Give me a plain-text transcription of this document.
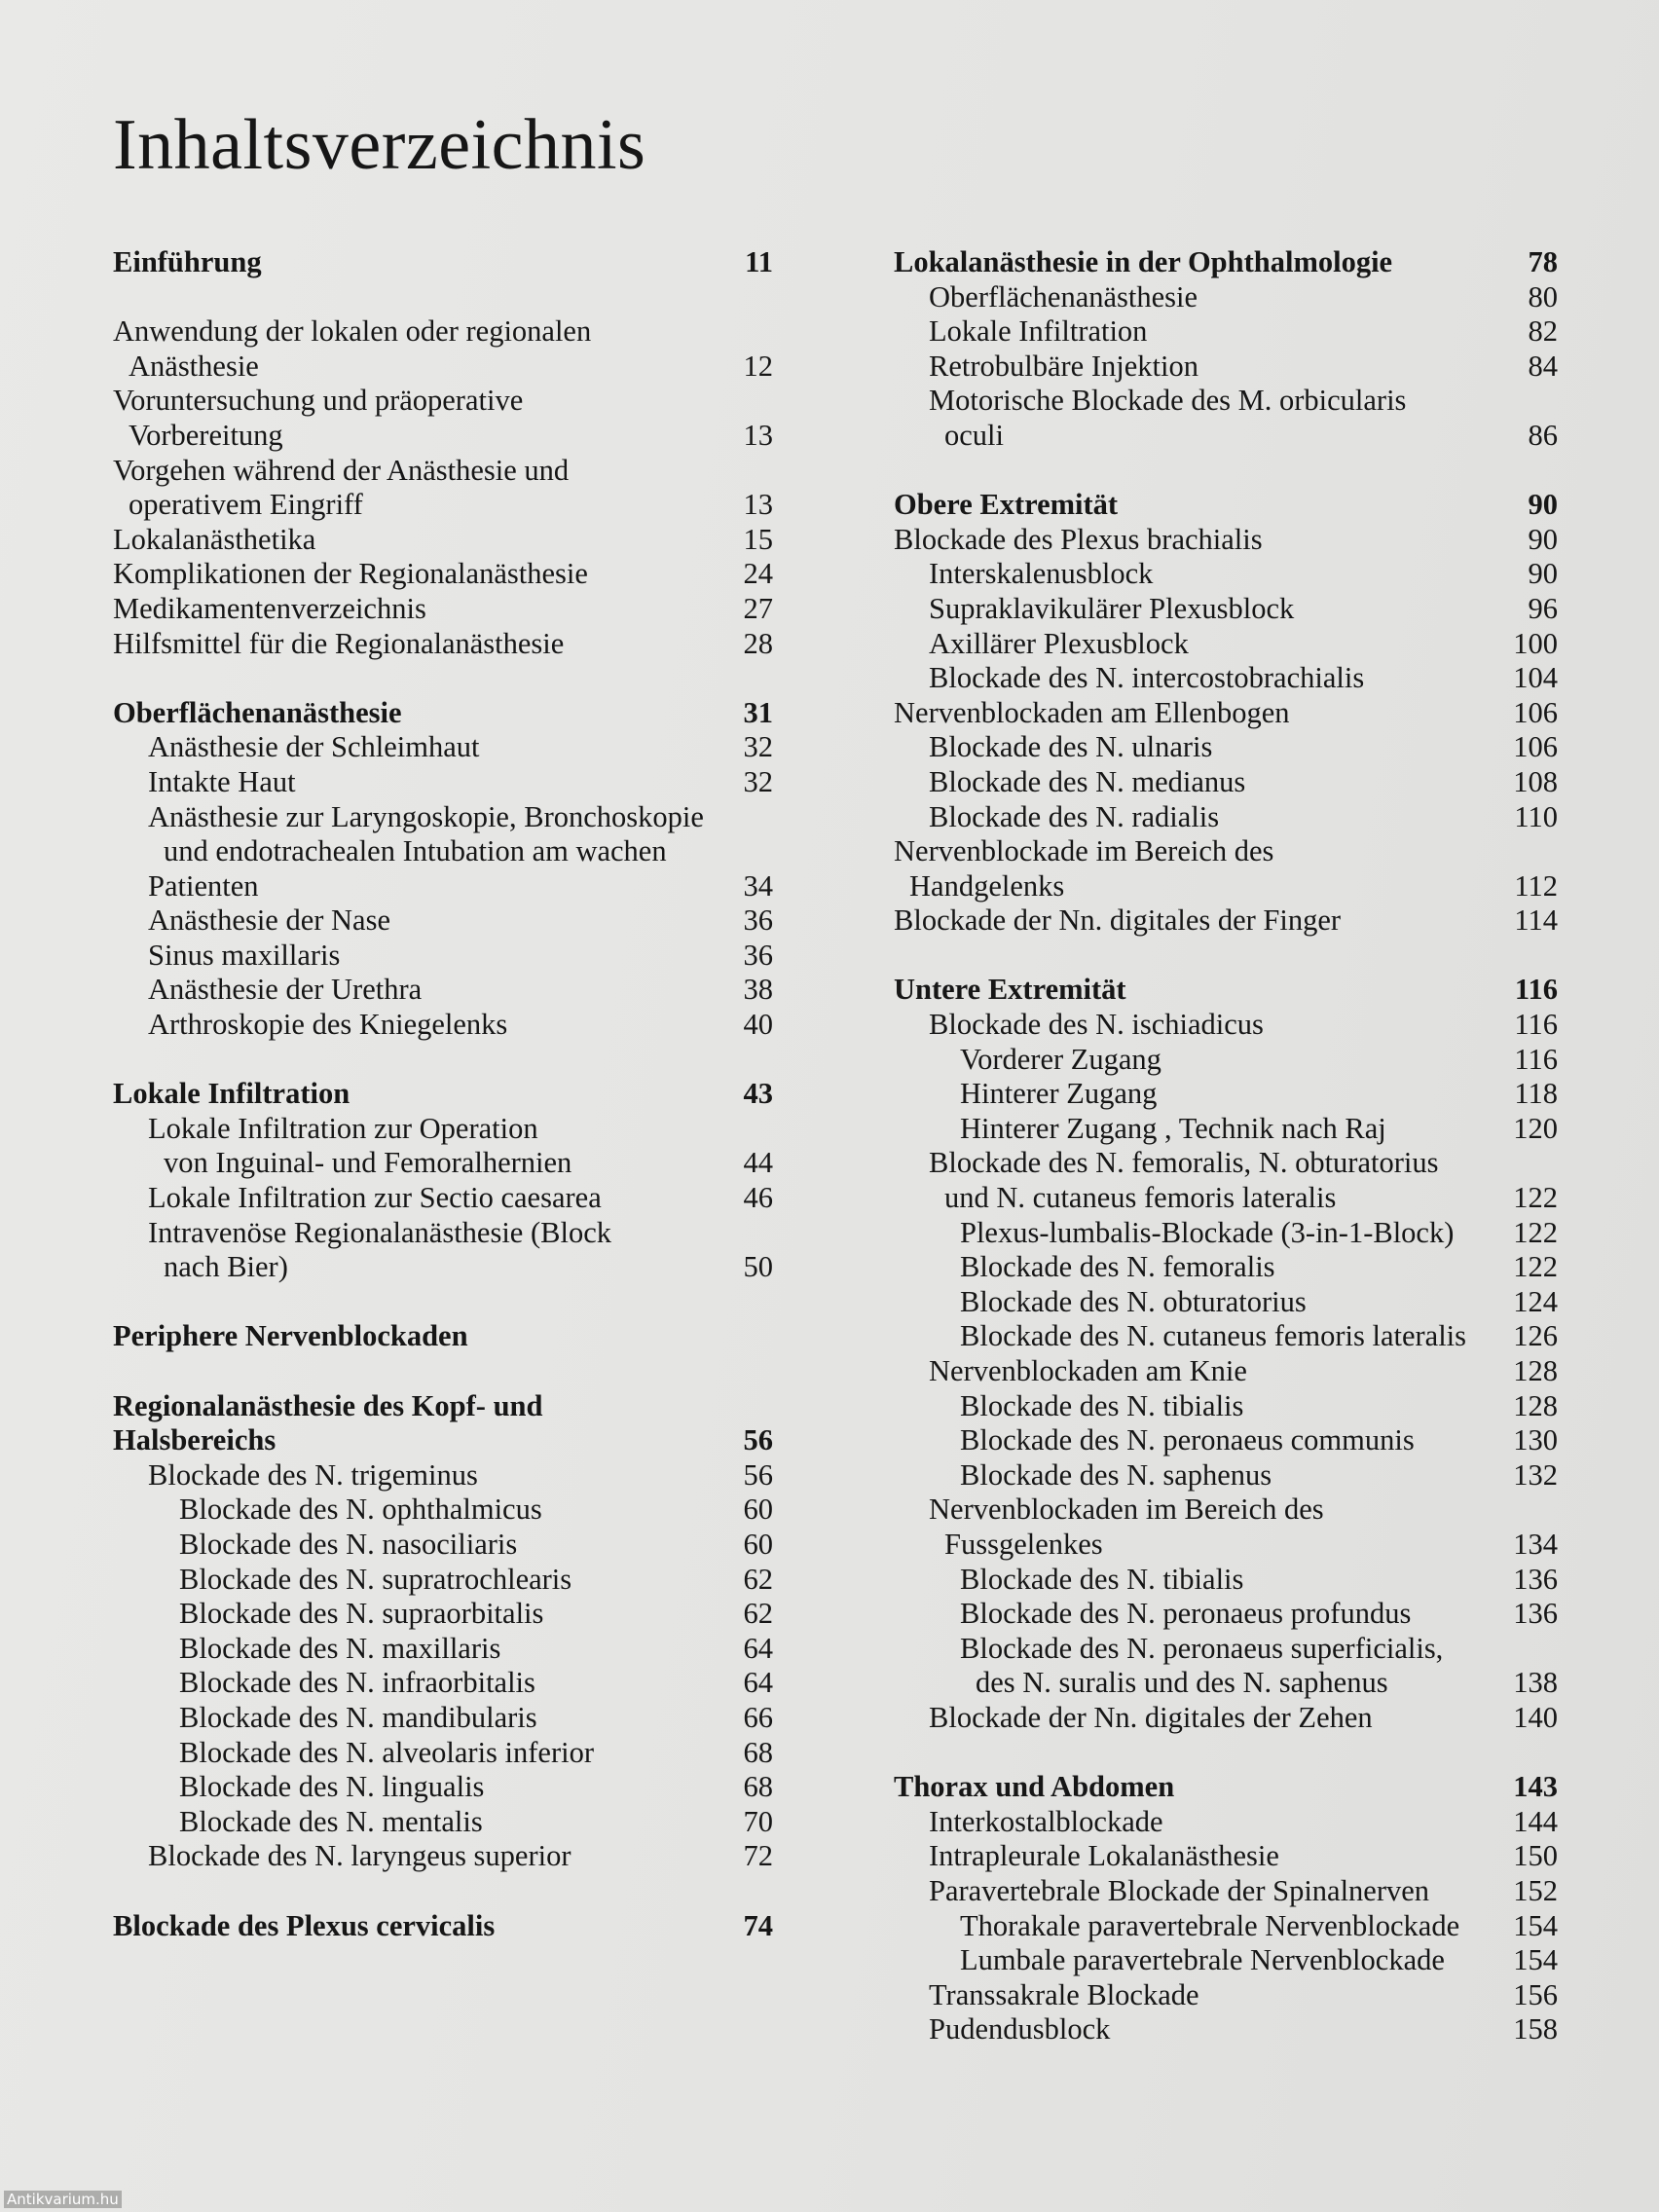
Inhaltsverzeichnis
Einführung	11
Anwendung der lokalen oder regionalen
Anästhesie	12
Voruntersuchung und präoperative
Vorbereitung	13
Vorgehen während der Anästhesie und
operativem Eingriff	13
Lokalanästhetika	15
Komplikationen der Regionalanästhesie	24
Medikamentenverzeichnis	27
Hilfsmittel für die Regionalanästhesie	28
Oberflächenanästhesie	31
Anästhesie der Schleimhaut	32
Intakte Haut	32
Anästhesie zur Laryngoskopie, Bronchoskopie
und endotrachealen Intubation am wachen
Patienten	34
Anästhesie der Nase	36
Sinus maxillaris	36
Anästhesie der Urethra	38
Arthroskopie des Kniegelenks	40
Lokale Infiltration	43
Lokale Infiltration zur Operation
von Inguinal- und Femoralhernien	44
Lokale Infiltration zur Sectio caesarea	46
Intravenöse Regionalanästhesie (Block
nach Bier)	50
Periphere Nervenblockaden
Regionalanästhesie des Kopf- und
Halsbereichs	56
Blockade des N. trigeminus	56
Blockade des N. ophthalmicus	60
Blockade des N. nasociliaris	60
Blockade des N. supratrochlearis	62
Blockade des N. supraorbitalis	62
Blockade des N. maxillaris	64
Blockade des N. infraorbitalis	64
Blockade des N. mandibularis	66
Blockade des N. alveolaris inferior	68
Blockade des N. lingualis	68
Blockade des N. mentalis	70
Blockade des N. laryngeus superior	72
Blockade des Plexus cervicalis	74
Lokalanästhesie in der Ophthalmologie	78
Oberflächenanästhesie	80
Lokale Infiltration	82
Retrobulbäre Injektion	84
Motorische Blockade des M. orbicularis
oculi	86
Obere Extremität	90
Blockade des Plexus brachialis	90
Interskalenusblock	90
Supraklavikulärer Plexusblock	96
Axillärer Plexusblock	100
Blockade des N. intercostobrachialis	104
Nervenblockaden am Ellenbogen	106
Blockade des N. ulnaris	106
Blockade des N. medianus	108
Blockade des N. radialis	110
Nervenblockade im Bereich des
Handgelenks	112
Blockade der Nn. digitales der Finger	114
Untere Extremität	116
Blockade des N. ischiadicus	116
Vorderer Zugang	116
Hinterer Zugang	118
Hinterer Zugang , Technik nach Raj	120
Blockade des N. femoralis, N. obturatorius
und N. cutaneus femoris lateralis	122
Plexus-lumbalis-Blockade (3-in-1-Block) 122
Blockade des N. femoralis	122
Blockade des N. obturatorius	124
Blockade des N. cutaneus femoris lateralis 126
Nervenblockaden am Knie	128
Blockade des N. tibialis	128
Blockade des N. peronaeus communis	130
Blockade des N. saphenus	132
Nervenblockaden im Bereich des
Fussgelenkes	134
Blockade des N. tibialis	136
Blockade des N. peronaeus profundus	136
Blockade des N. peronaeus superficialis,
des N. suralis und des N. saphenus	138
Blockade der Nn. digitales der Zehen	140
Thorax und Abdomen	143
Interkostalblockade	144
Intrapleurale Lokalanästhesie	150
Paravertebrale Blockade der Spinalnerven	152
Thorakale paravertebrale Nervenblockade 154
Lumbale paravertebrale Nervenblockade 154
Transsakrale Blockade	156
Pudendusblock	158
Antikvarium.hu
